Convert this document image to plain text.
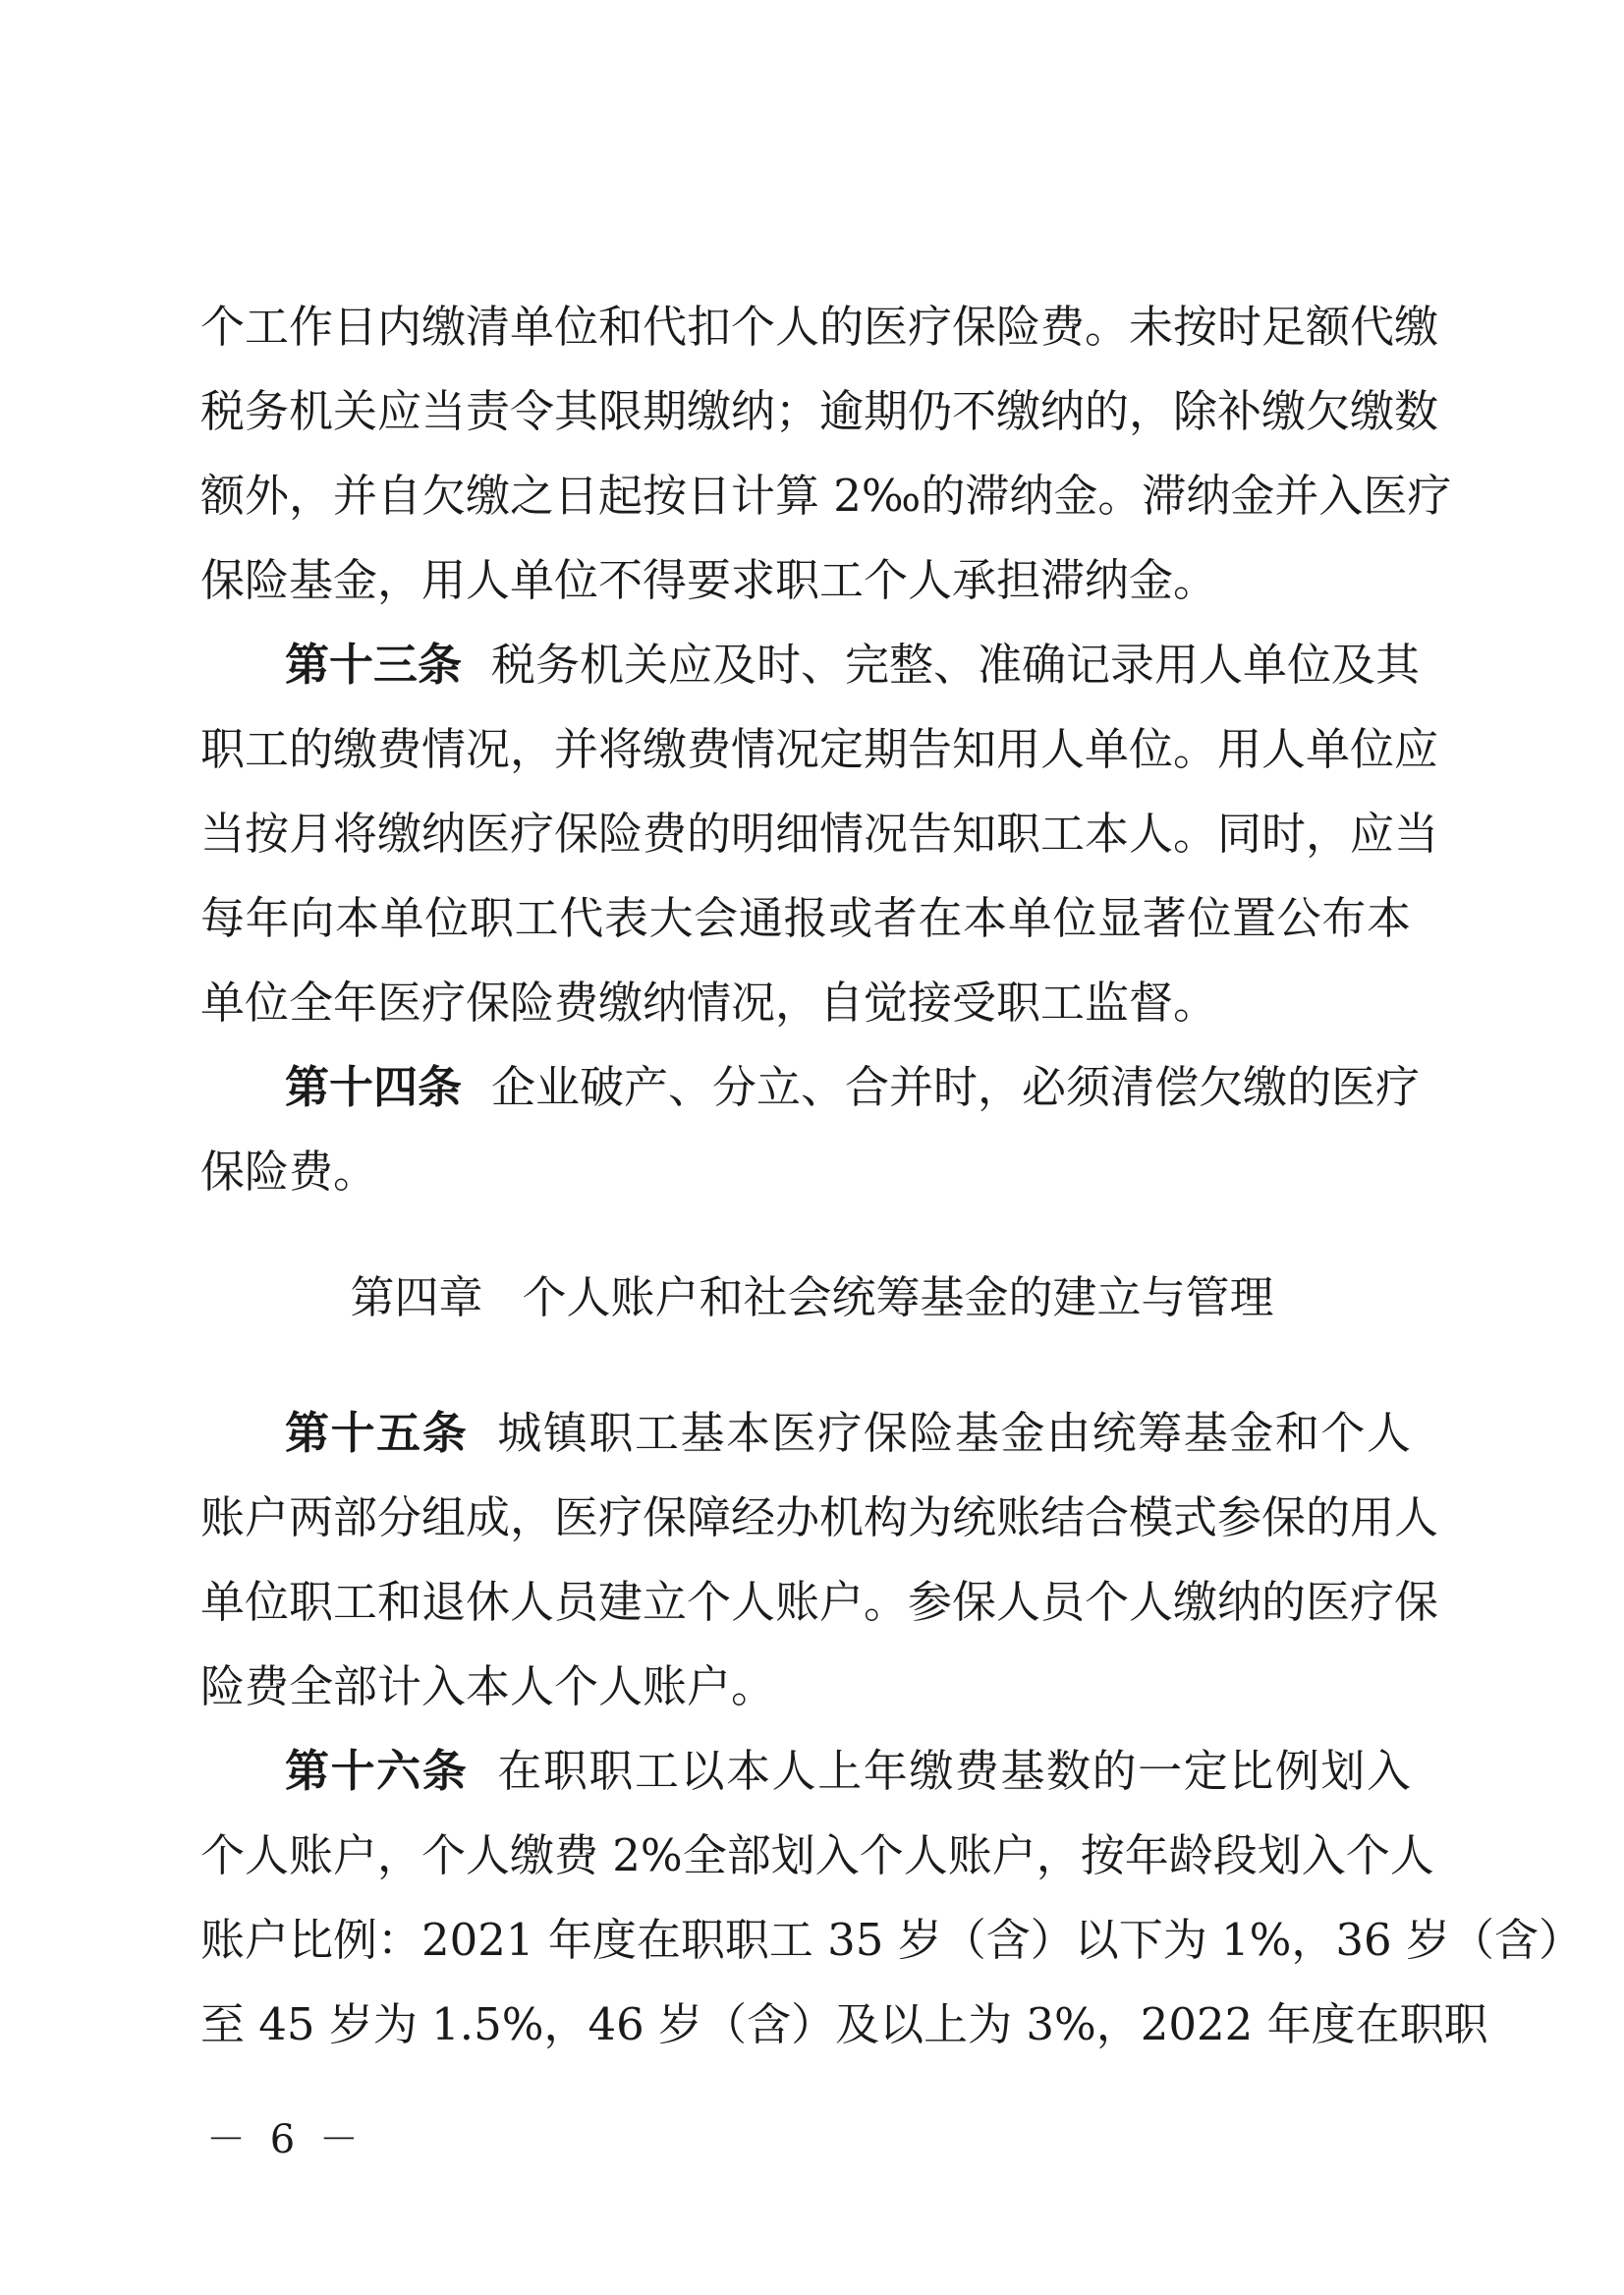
个工作日内缴清单位和代扣个人的医疗保险费。未按时足额代缴
税务机关应当责令其限期缴纳；逾期仍不缴纳的，除补缴欠缴数
额外，并自欠缴之日起按日计算 2‰的滞纳金。滞纳金并入医疗
保险基金，用人单位不得要求职工个人承担滞纳金。
第十三条 税务机关应及时、完整、准确记录用人单位及其
职工的缴费情况，并将缴费情况定期告知用人单位。用人单位应
当按月将缴纳医疗保险费的明细情况告知职工本人。同时，应当
每年向本单位职工代表大会通报或者在本单位显著位置公布本
单位全年医疗保险费缴纳情况，自觉接受职工监督。
第十四条 企业破产、分立、合并时，必须清偿欠缴的医疗
保险费。
第四章 个人账户和社会统筹基金的建立与管理
第十五条 城镇职工基本医疗保险基金由统筹基金和个人
账户两部分组成，医疗保障经办机构为统账结合模式参保的用人
单位职工和退休人员建立个人账户。参保人员个人缴纳的医疗保
险费全部计入本人个人账户。
第十六条 在职职工以本人上年缴费基数的一定比例划入
个人账户，个人缴费 2%全部划入个人账户，按年龄段划入个人
账户比例：2021 年度在职职工 35 岁（含）以下为 1%，36 岁（含）
至 45 岁为 1.5%，46 岁（含）及以上为 3%，2022 年度在职职
－ 6 －
